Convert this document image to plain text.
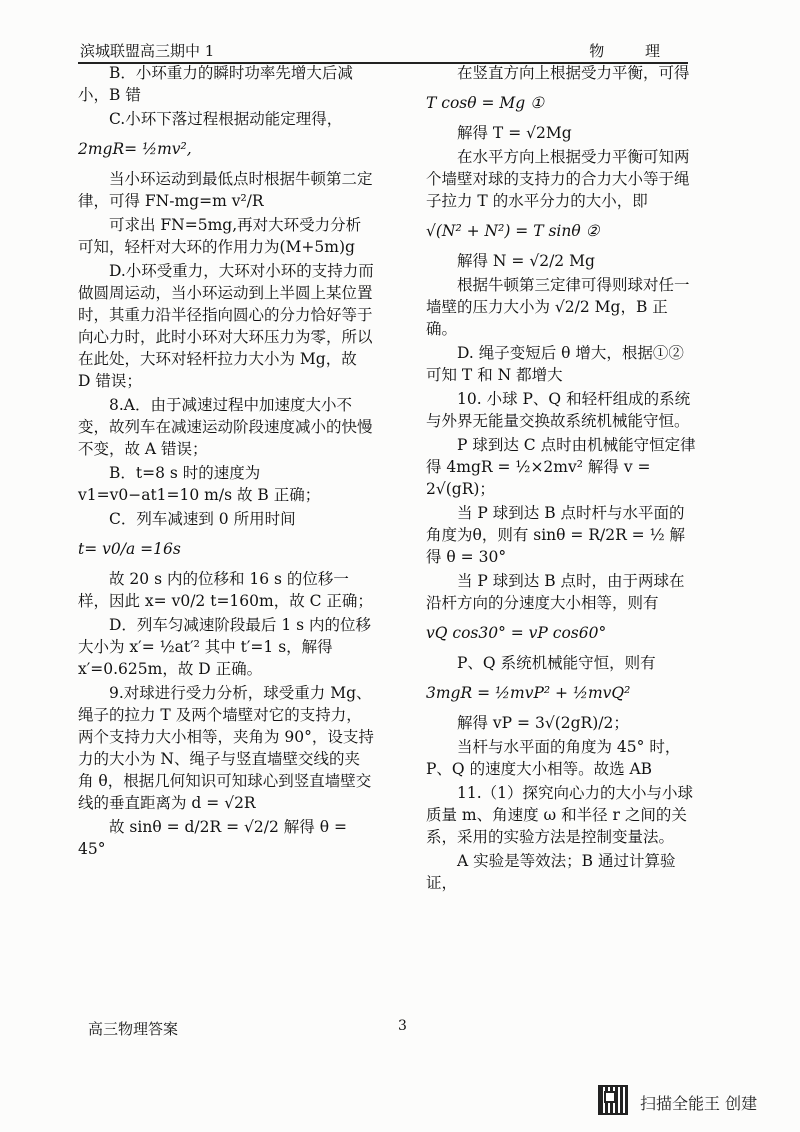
滨城联盟高三期中 1	物 理

B．小环重力的瞬时功率先增大后减小，B 错

C.小环下落过程根据动能定理得，

2mgR= ½mv²,

当小环运动到最低点时根据牛顿第二定律，可得 FN-mg=m v²/R

可求出 FN=5mg,再对大环受力分析可知，轻杆对大环的作用力为(M+5m)g

D.小环受重力，大环对小环的支持力而做圆周运动，当小环运动到上半圆上某位置时，其重力沿半径指向圆心的分力恰好等于向心力时，此时小环对大环压力为零，所以在此处，大环对轻杆拉力大小为 Mg，故 D 错误；

8.A．由于减速过程中加速度大小不变，故列车在减速运动阶段速度减小的快慢不变，故 A 错误；

B．t=8 s 时的速度为 v1=v0−at1=10 m/s 故 B 正确；

C．列车减速到 0 所用时间

t= v0/a =16s

故 20 s 内的位移和 16 s 的位移一样，因此 x= v0/2 t=160m，故 C 正确；

D．列车匀减速阶段最后 1 s 内的位移大小为 x′= ½at′² 其中 t′=1 s，解得 x′=0.625m，故 D 正确。

9.对球进行受力分析，球受重力 Mg、绳子的拉力 T 及两个墙壁对它的支持力，两个支持力大小相等，夹角为 90°，设支持力的大小为 N、绳子与竖直墙壁交线的夹角 θ，根据几何知识可知球心到竖直墙壁交线的垂直距离为 d = √2R

故 sinθ = d/2R = √2/2 解得 θ = 45°

在竖直方向上根据受力平衡，可得

T cosθ = Mg ①

解得 T = √2Mg

在水平方向上根据受力平衡可知两个墙壁对球的支持力的合力大小等于绳子拉力 T 的水平分力的大小，即

√(N² + N²) = T sinθ ②

解得 N = √2/2 Mg

根据牛顿第三定律可得则球对任一墙壁的压力大小为 √2/2 Mg，B 正确。

D. 绳子变短后 θ 增大，根据①②可知 T 和 N 都增大

10. 小球 P、Q 和轻杆组成的系统与外界无能量交换故系统机械能守恒。

P 球到达 C 点时由机械能守恒定律得 4mgR = ½×2mv² 解得 v = 2√(gR)；

当 P 球到达 B 点时杆与水平面的角度为θ，则有 sinθ = R/2R = ½ 解得 θ = 30°

当 P 球到达 B 点时，由于两球在沿杆方向的分速度大小相等，则有

vQ cos30° = vP cos60°

P、Q 系统机械能守恒，则有

3mgR = ½mvP² + ½mvQ²

解得 vP = 3√(2gR)/2；

当杆与水平面的角度为 45° 时，P、Q 的速度大小相等。故选 AB

11.（1）探究向心力的大小与小球质量 m、角速度 ω 和半径 r 之间的关系，采用的实验方法是控制变量法。

A 实验是等效法；B 通过计算验证，

高三物理答案	3
扫描全能王 创建
